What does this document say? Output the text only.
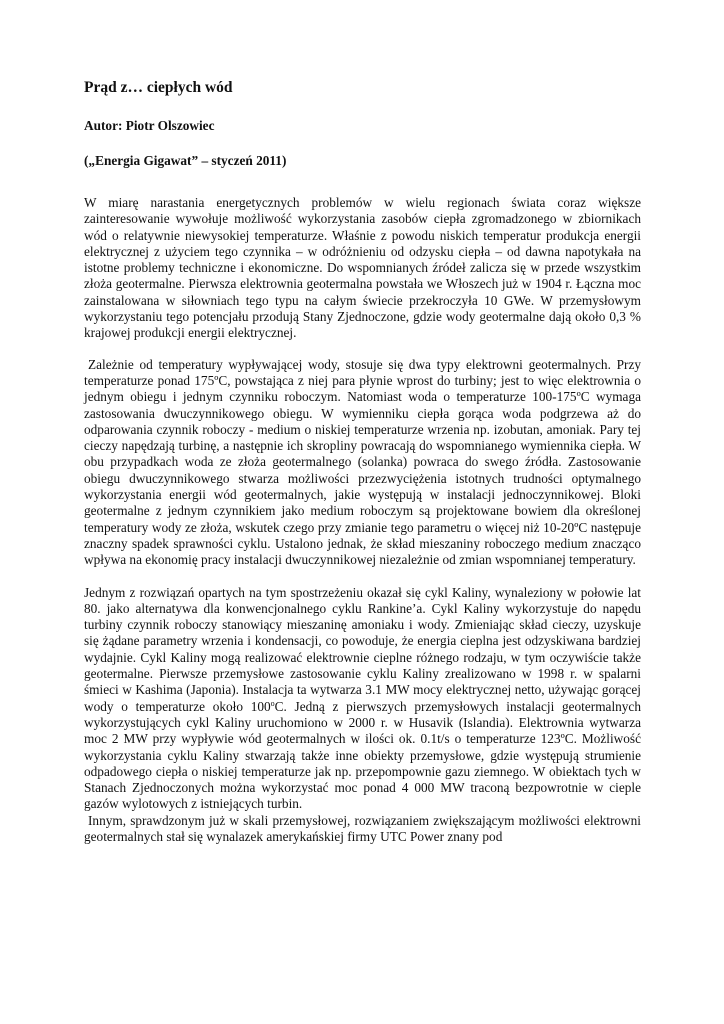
Prąd z… ciepłych wód
Autor: Piotr Olszowiec
(„Energia Gigawat” – styczeń 2011)

W miarę narastania energetycznych problemów w wielu regionach świata coraz większe zainteresowanie wywołuje możliwość wykorzystania zasobów ciepła zgromadzonego w zbiornikach wód o relatywnie niewysokiej temperaturze. Właśnie z powodu niskich temperatur produkcja energii elektrycznej z użyciem tego czynnika – w odróżnieniu od odzysku ciepła – od dawna napotykała na istotne problemy techniczne i ekonomiczne. Do wspomnianych źródeł zalicza się w przede wszystkim złoża geotermalne. Pierwsza elektrownia geotermalna powstała we Włoszech już w 1904 r. Łączna moc zainstalowana w siłowniach tego typu na całym świecie przekroczyła 10 GWe. W przemysłowym wykorzystaniu tego potencjału przodują Stany Zjednoczone, gdzie wody geotermalne dają około 0,3 % krajowej produkcji energii elektrycznej.

Zależnie od temperatury wypływającej wody, stosuje się dwa typy elektrowni geotermalnych. Przy temperaturze ponad 175ºC, powstająca z niej para płynie wprost do turbiny; jest to więc elektrownia o jednym obiegu i jednym czynniku roboczym. Natomiast woda o temperaturze 100-175ºC wymaga zastosowania dwuczynnikowego obiegu. W wymienniku ciepła gorąca woda podgrzewa aż do odparowania czynnik roboczy - medium o niskiej temperaturze wrzenia np. izobutan, amoniak. Pary tej cieczy napędzają turbinę, a następnie ich skropliny powracają do wspomnianego wymiennika ciepła. W obu przypadkach woda ze złoża geotermalnego (solanka) powraca do swego źródła. Zastosowanie obiegu dwuczynnikowego stwarza możliwości przezwyciężenia istotnych trudności optymalnego wykorzystania energii wód geotermalnych, jakie występują w instalacji jednoczynnikowej. Bloki geotermalne z jednym czynnikiem jako medium roboczym są projektowane bowiem dla określonej temperatury wody ze złoża, wskutek czego przy zmianie tego parametru o więcej niż 10-20ºC następuje znaczny spadek sprawności cyklu. Ustalono jednak, że skład mieszaniny roboczego medium znacząco wpływa na ekonomię pracy instalacji dwuczynnikowej niezależnie od zmian wspomnianej temperatury.

Jednym z rozwiązań opartych na tym spostrzeżeniu okazał się cykl Kaliny, wynaleziony w połowie lat 80. jako alternatywa dla konwencjonalnego cyklu Rankine’a. Cykl Kaliny wykorzystuje do napędu turbiny czynnik roboczy stanowiący mieszaninę amoniaku i wody. Zmieniając skład cieczy, uzyskuje się żądane parametry wrzenia i kondensacji, co powoduje, że energia cieplna jest odzyskiwana bardziej wydajnie. Cykl Kaliny mogą realizować elektrownie cieplne różnego rodzaju, w tym oczywiście także geotermalne. Pierwsze przemysłowe zastosowanie cyklu Kaliny zrealizowano w 1998 r. w spalarni śmieci w Kashima (Japonia). Instalacja ta wytwarza 3.1 MW mocy elektrycznej netto, używając gorącej wody o temperaturze około 100$^o$C. Jedną z pierwszych przemysłowych instalacji geotermalnych wykorzystujących cykl Kaliny uruchomiono w 2000 r. w Husavik (Islandia). Elektrownia wytwarza moc 2 MW przy wypływie wód geotermalnych w ilości ok. 0.1t/s o temperaturze 123ºC. Możliwość wykorzystania cyklu Kaliny stwarzają także inne obiekty przemysłowe, gdzie występują strumienie odpadowego ciepła o niskiej temperaturze jak np. przepompownie gazu ziemnego. W obiektach tych w Stanach Zjednoczonych można wykorzystać moc ponad 4 000 MW traconą bezpowrotnie w cieple gazów wylotowych z istniejących turbin.

Innym, sprawdzonym już w skali przemysłowej, rozwiązaniem zwiększającym możliwości elektrowni geotermalnych stał się wynalazek amerykańskiej firmy UTC Power znany pod
